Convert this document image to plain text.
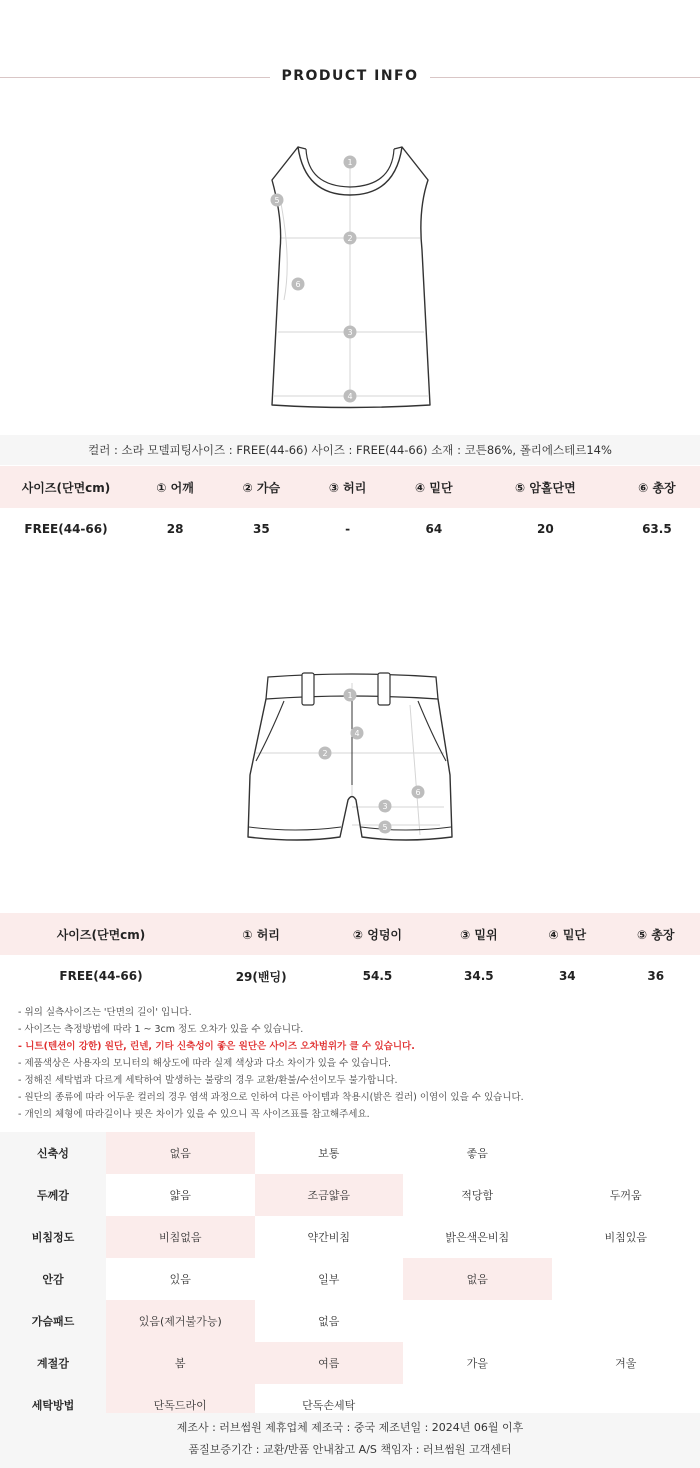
PRODUCT INFO
1
2
3
4
5
6
컬러 : 소라 모델피팅사이즈 : FREE(44-66) 사이즈 : FREE(44-66) 소재 : 코튼86%, 폴리에스테르14%
사이즈(단면cm)	① 어깨	② 가슴	③ 허리	④ 밑단	⑤ 암홀단면	⑥ 총장
FREE(44-66)	28	35	-	64	20	63.5
1
2
3
4
5
6
사이즈(단면cm)	① 허리	② 엉덩이	③ 밑위	④ 밑단	⑤ 총장
FREE(44-66)	29(밴딩)	54.5	34.5	34	36
- 위의 실측사이즈는 '단면의 길이' 입니다.
- 사이즈는 측정방법에 따라 1 ~ 3cm 정도 오차가 있을 수 있습니다.
- 니트(텐션이 강한) 원단, 린넨, 기타 신축성이 좋은 원단은 사이즈 오차범위가 클 수 있습니다.
- 제품색상은 사용자의 모니터의 해상도에 따라 실제 색상과 다소 차이가 있을 수 있습니다.
- 정해진 세탁법과 다르게 세탁하여 발생하는 불량의 경우 교환/환불/수선이모두 불가합니다.
- 원단의 종류에 따라 어두운 컬러의 경우 염색 과정으로 인하여 다른 아이템과 착용시(밝은 컬러) 이염이 있을 수 있습니다.
- 개인의 체형에 따라길이나 핏은 차이가 있을 수 있으니 꼭 사이즈표를 참고해주세요.
신축성	없음	보통	좋음	
두께감	얇음	조금얇음	적당함	두꺼움
비침정도	비침없음	약간비침	밝은색은비침	비침있음
안감	있음	일부	없음	
가슴패드	있음(제거불가능)	없음		
계절감	봄	여름	가을	겨울
세탁방법	단독드라이	단독손세탁		
제조사 : 러브썸원 제휴업체 제조국 : 중국 제조년일 : 2024년 06월 이후
품질보증기간 : 교환/반품 안내참고 A/S 책임자 : 러브썸원 고객센터
